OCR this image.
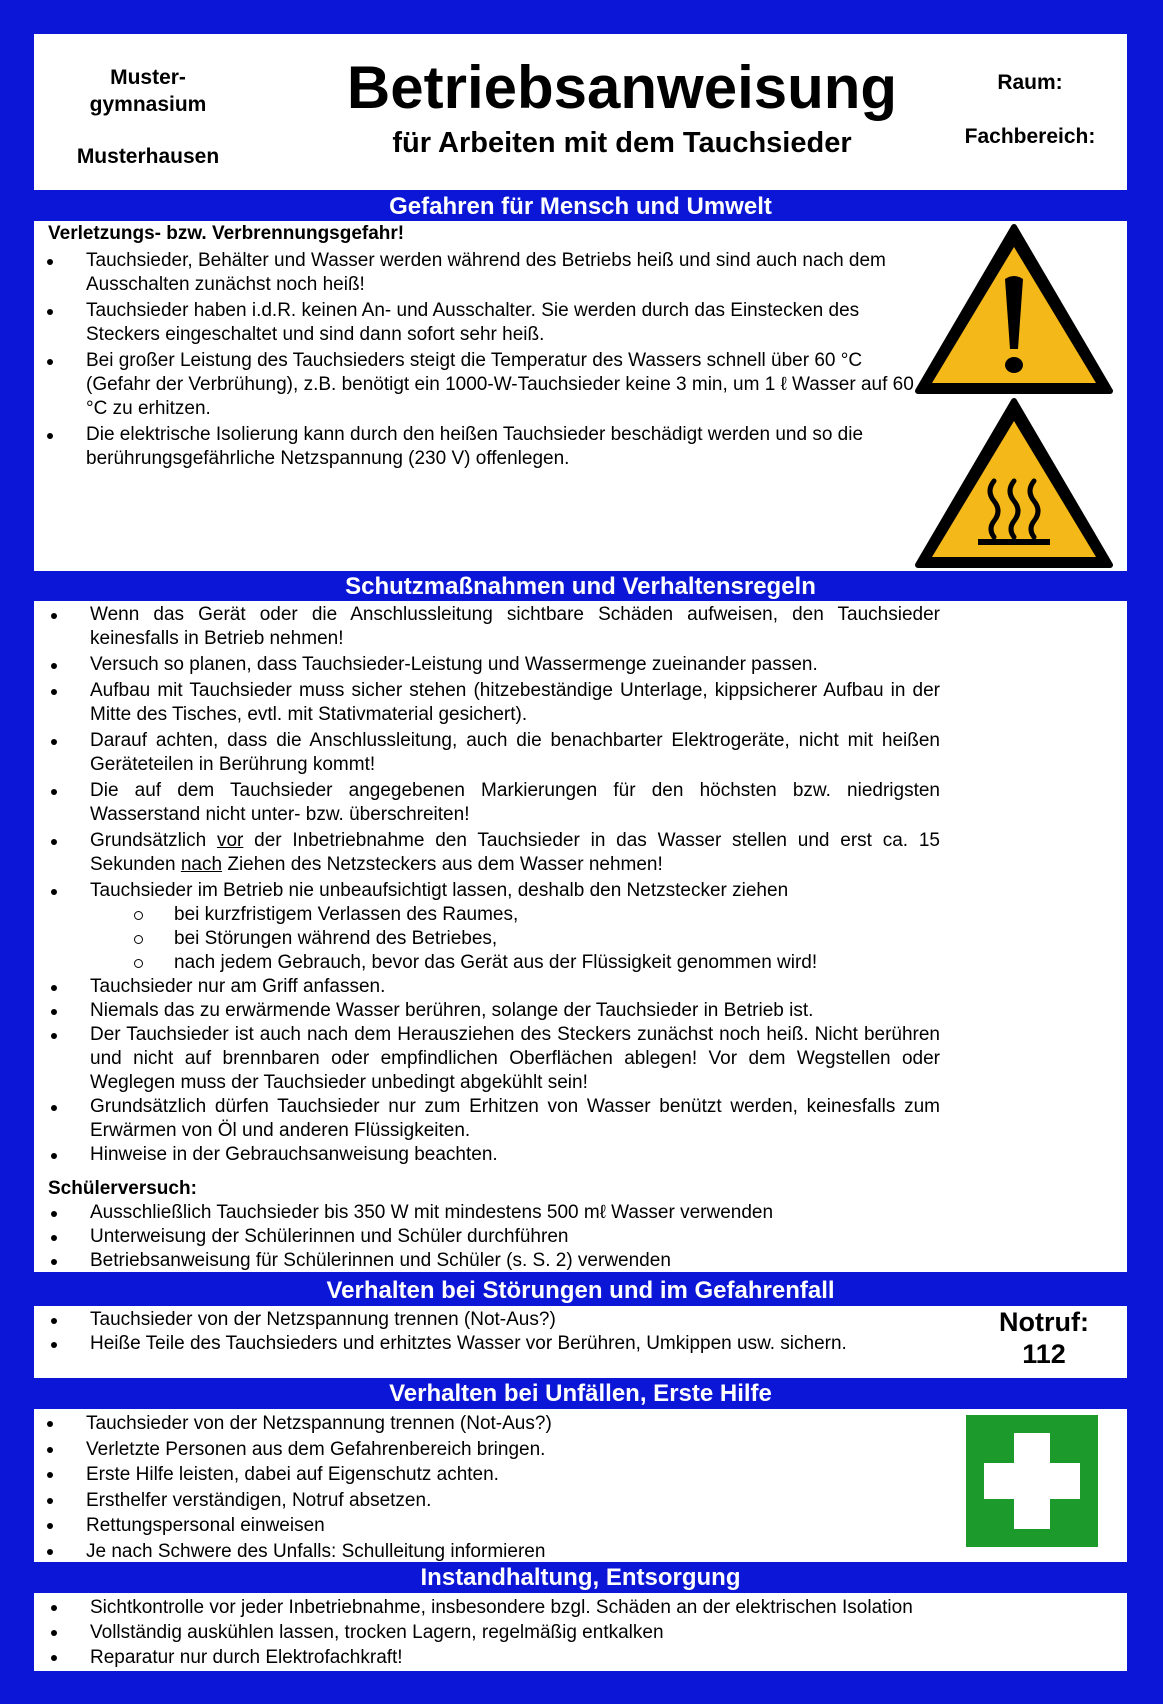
Muster-
gymnasium
Musterhausen
Betriebsanweisung
für Arbeiten mit dem Tauchsieder
Raum:
Fachbereich:
Gefahren für Mensch und Umwelt
Verletzungs- bzw. Verbrennungsgefahr!
Tauchsieder, Behälter und Wasser werden während des Betriebs heiß und sind auch nach dem Ausschalten zunächst noch heiß!
Tauchsieder haben i.d.R. keinen An- und Ausschalter. Sie werden durch das Einstecken des Steckers eingeschaltet und sind dann sofort sehr heiß.
Bei großer Leistung des Tauchsieders steigt die Temperatur des Wassers schnell über 60 °C (Gefahr der Verbrühung), z.B. benötigt ein 1000-W-Tauchsieder keine 3 min, um 1 ℓ Wasser auf 60 °C zu erhitzen.
Die elektrische Isolierung kann durch den heißen Tauchsieder beschädigt werden und so die berührungsgefährliche Netzspannung (230 V) offenlegen.
Schutzmaßnahmen und Verhaltensregeln
Wenn das Gerät oder die Anschlussleitung sichtbare Schäden aufweisen, den Tauchsieder keinesfalls in Betrieb nehmen!
Versuch so planen, dass Tauchsieder-Leistung und Wassermenge zueinander passen.
Aufbau mit Tauchsieder muss sicher stehen (hitzebeständige Unterlage, kippsicherer Aufbau in der Mitte des Tisches, evtl. mit Stativmaterial gesichert).
Darauf achten, dass die Anschlussleitung, auch die benachbarter Elektrogeräte, nicht mit heißen Geräteteilen in Berührung kommt!
Die auf dem Tauchsieder angegebenen Markierungen für den höchsten bzw. niedrigsten Wasserstand nicht unter- bzw. überschreiten!
Grundsätzlich vor der Inbetriebnahme den Tauchsieder in das Wasser stellen und erst ca. 15 Sekunden nach Ziehen des Netzsteckers aus dem Wasser nehmen!
Tauchsieder im Betrieb nie unbeaufsichtigt lassen, deshalb den Netzstecker ziehen
bei kurzfristigem Verlassen des Raumes,
bei Störungen während des Betriebes,
nach jedem Gebrauch, bevor das Gerät aus der Flüssigkeit genommen wird!
Tauchsieder nur am Griff anfassen.
Niemals das zu erwärmende Wasser berühren, solange der Tauchsieder in Betrieb ist.
Der Tauchsieder ist auch nach dem Herausziehen des Steckers zunächst noch heiß. Nicht berühren und nicht auf brennbaren oder empfindlichen Oberflächen ablegen! Vor dem Wegstellen oder Weglegen muss der Tauchsieder unbedingt abgekühlt sein!
Grundsätzlich dürfen Tauchsieder nur zum Erhitzen von Wasser benützt werden, keinesfalls zum Erwärmen von Öl und anderen Flüssigkeiten.
Hinweise in der Gebrauchsanweisung beachten.
Schülerversuch:
Ausschließlich Tauchsieder bis 350 W mit mindestens 500 mℓ Wasser verwenden
Unterweisung der Schülerinnen und Schüler durchführen
Betriebsanweisung für Schülerinnen und Schüler (s. S. 2) verwenden
Verhalten bei Störungen und im Gefahrenfall
Tauchsieder von der Netzspannung trennen (Not-Aus?)
Heiße Teile des Tauchsieders und erhitztes Wasser vor Berühren, Umkippen usw. sichern.
Notruf:
112
Verhalten bei Unfällen, Erste Hilfe
Tauchsieder von der Netzspannung trennen (Not-Aus?)
Verletzte Personen aus dem Gefahrenbereich bringen.
Erste Hilfe leisten, dabei auf Eigenschutz achten.
Ersthelfer verständigen, Notruf absetzen.
Rettungspersonal einweisen
Je nach Schwere des Unfalls: Schulleitung informieren
Instandhaltung, Entsorgung
Sichtkontrolle vor jeder Inbetriebnahme, insbesondere bzgl. Schäden an der elektrischen Isolation
Vollständig auskühlen lassen, trocken Lagern, regelmäßig entkalken
Reparatur nur durch Elektrofachkraft!
